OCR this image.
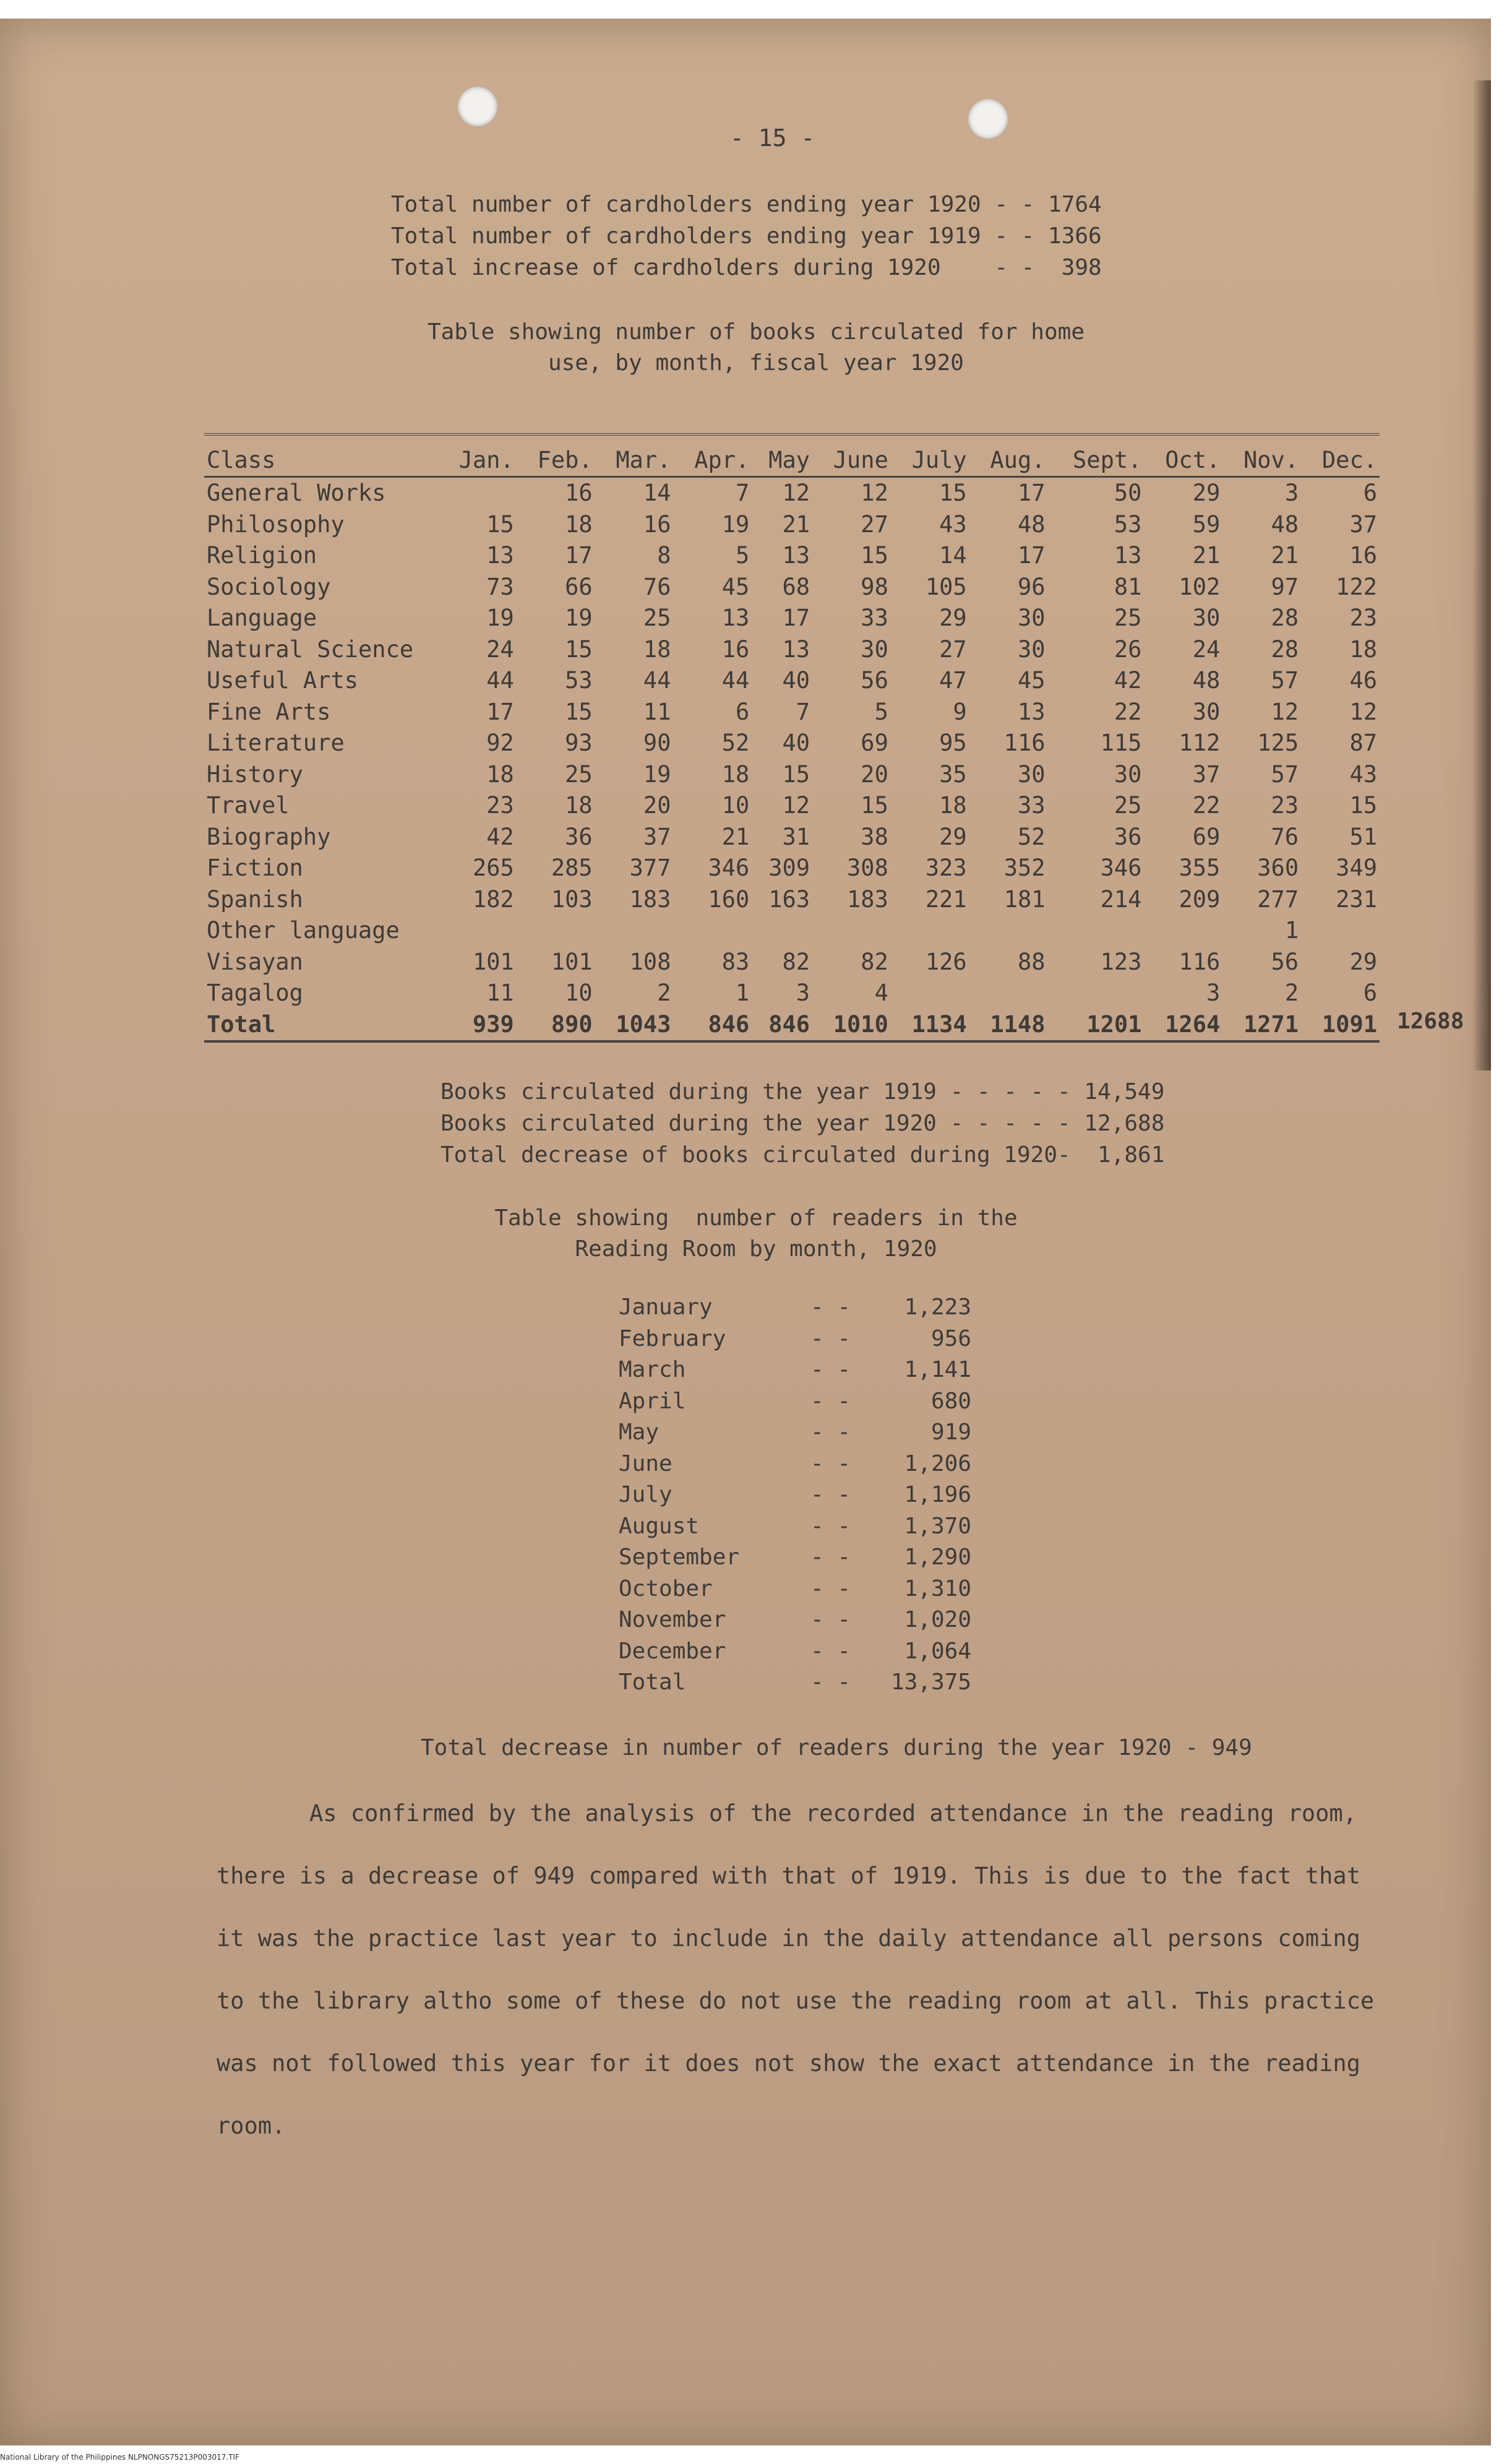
- 15 -
Total number of cardholders ending year 1920 - - 1764
Total number of cardholders ending year 1919 - - 1366
Total increase of cardholders during 1920    - -  398
Table showing number of books circulated for home
use, by month, fiscal year 1920
Class	Jan.	Feb.	Mar.	Apr.	May	June	July	Aug.	Sept.	Oct.	Nov.	Dec.
General Works		16	14	7	12	12	15	17	50	29	3	6
Philosophy	15	18	16	19	21	27	43	48	53	59	48	37
Religion	13	17	8	5	13	15	14	17	13	21	21	16
Sociology	73	66	76	45	68	98	105	96	81	102	97	122
Language	19	19	25	13	17	33	29	30	25	30	28	23
Natural Science	24	15	18	16	13	30	27	30	26	24	28	18
Useful Arts	44	53	44	44	40	56	47	45	42	48	57	46
Fine Arts	17	15	11	6	7	5	9	13	22	30	12	12
Literature	92	93	90	52	40	69	95	116	115	112	125	87
History	18	25	19	18	15	20	35	30	30	37	57	43
Travel	23	18	20	10	12	15	18	33	25	22	23	15
Biography	42	36	37	21	31	38	29	52	36	69	76	51
Fiction	265	285	377	346	309	308	323	352	346	355	360	349
Spanish	182	103	183	160	163	183	221	181	214	209	277	231
Other language											1	
Visayan	101	101	108	83	82	82	126	88	123	116	56	29
Tagalog	11	10	2	1	3	4				3	2	6
Total	939	890	1043	846	846	1010	1134	1148	1201	1264	1271	1091 12688
Books circulated during the year 1919 - - - - - 14,549
Books circulated during the year 1920 - - - - - 12,688
Total decrease of books circulated during 1920-  1,861
Table showing  number of readers in the
Reading Room by month, 1920
January	- -	1,223
February	- -	956
March	- -	1,141
April	- -	680
May	- -	919
June	- -	1,206
July	- -	1,196
August	- -	1,370
September	- -	1,290
October	- -	1,310
November	- -	1,020
December	- -	1,064
Total	- -	13,375
Total decrease in number of readers during the year 1920 - 949
As confirmed by the analysis of the recorded attendance in the reading room, there is a decrease of 949 compared with that of 1919. This is due to the fact that it was the practice last year to include in the daily attendance all persons coming to the library altho some of these do not use the reading room at all. This practice was not followed this year for it does not show the exact attendance in the reading room.
National Library of the Philippines NLPNONGS75213P003017.TIF
